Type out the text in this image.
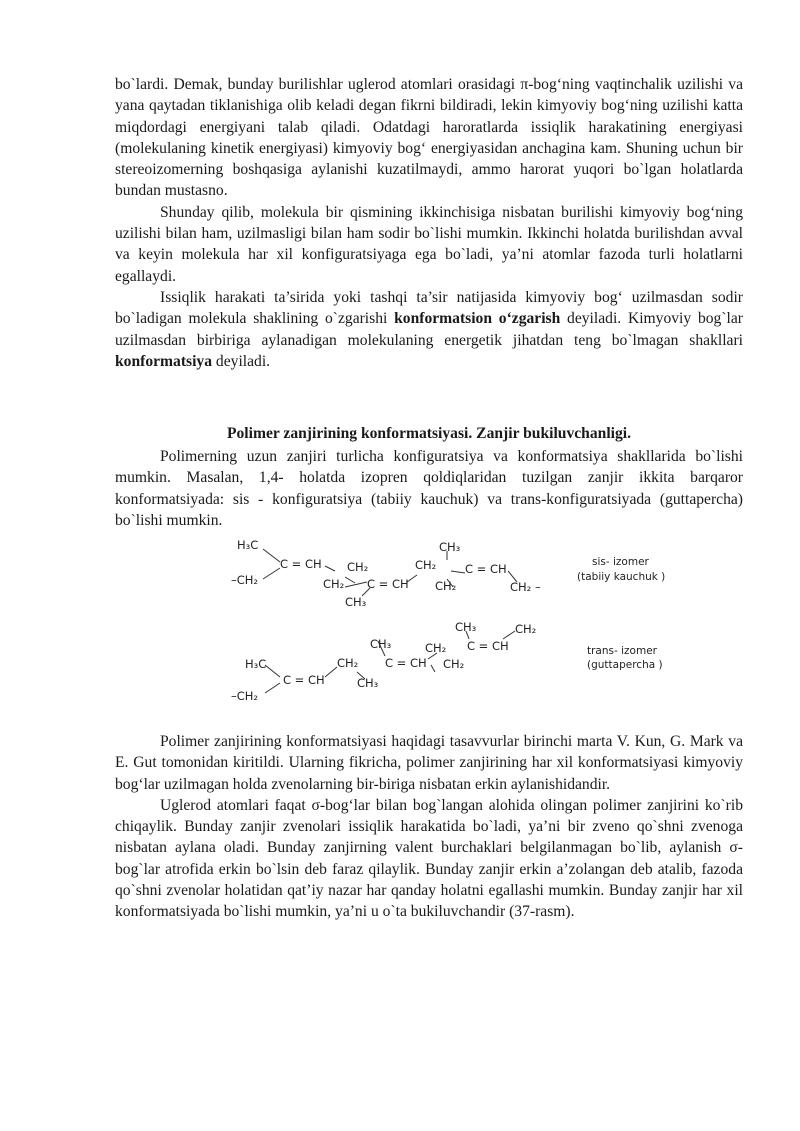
bo`lardi. Demak, bunday burilishlar uglerod atomlari orasidagi π-bog‘ning vaqtinchalik uzilishi va yana qaytadan tiklanishiga olib keladi degan fikrni bildiradi, lekin kimyoviy bog‘ning uzilishi katta miqdordagi energiyani talab qiladi. Odatdagi haroratlarda issiqlik harakatining energiyasi (molekulaning kinetik energiyasi) kimyoviy bog‘ energiyasidan anchagina kam. Shuning uchun bir stereoizomerning boshqasiga aylanishi kuzatilmaydi, ammo harorat yuqori bo`lgan holatlarda bundan mustasno.

Shunday qilib, molekula bir qismining ikkinchisiga nisbatan burilishi kimyoviy bog‘ning uzilishi bilan ham, uzilmasligi bilan ham sodir bo`lishi mumkin. Ikkinchi holatda burilishdan avval va keyin molekula har xil konfiguratsiyaga ega bo`ladi, ya’ni atomlar fazoda turli holatlarni egallaydi.

Issiqlik harakati ta’sirida yoki tashqi ta’sir natijasida kimyoviy bog‘ uzilmasdan sodir bo`ladigan molekula shaklining o`zgarishi konformatsion o‘zgarish deyiladi. Kimyoviy bog`lar uzilmasdan birbiriga aylanadigan molekulaning energetik jihatdan teng bo`lmagan shakllari konformatsiya deyiladi.

Polimer zanjirining konformatsiyasi. Zanjir bukiluvchanligi.

Polimerning uzun zanjiri turlicha konfiguratsiya va konformatsiya shakllarida bo`lishi mumkin. Masalan, 1,4- holatda izopren qoldiqlaridan tuzilgan zanjir ikkita barqaror konformatsiyada: sis - konfiguratsiya (tabiiy kauchuk) va trans-konfiguratsiyada (guttapercha) bo`lishi mumkin.

H₃C
–CH₂
C = CH CH₂
CH₂ C = CH
CH₃
CH₃
CH₂
CH₂
C = CH
CH₂ –
sis- izomer
(tabiiy kauchuk )
CH₃	CH₂
CH₃	CH₂ C = CH
H₃C	CH₂ C = CH CH₂
C = CH	CH₃
–CH₂
trans- izomer
(guttapercha )

Polimer zanjirining konformatsiyasi haqidagi tasavvurlar birinchi marta V. Kun, G. Mark va E. Gut tomonidan kiritildi. Ularning fikricha, polimer zanjirining har xil konformatsiyasi kimyoviy bog‘lar uzilmagan holda zvenolarning bir-biriga nisbatan erkin aylanishidandir.

Uglerod atomlari faqat σ-bog‘lar bilan bog`langan alohida olingan polimer zanjirini ko`rib chiqaylik. Bunday zanjir zvenolari issiqlik harakatida bo`ladi, ya’ni bir zveno qo`shni zvenoga nisbatan aylana oladi. Bunday zanjirning valent burchaklari belgilanmagan bo`lib, aylanish σ-bog`lar atrofida erkin bo`lsin deb faraz qilaylik. Bunday zanjir erkin a’zolangan deb atalib, fazoda qo`shni zvenolar holatidan qat’iy nazar har qanday holatni egallashi mumkin. Bunday zanjir har xil konformatsiyada bo`lishi mumkin, ya’ni u o`ta bukiluvchandir (37-rasm).
